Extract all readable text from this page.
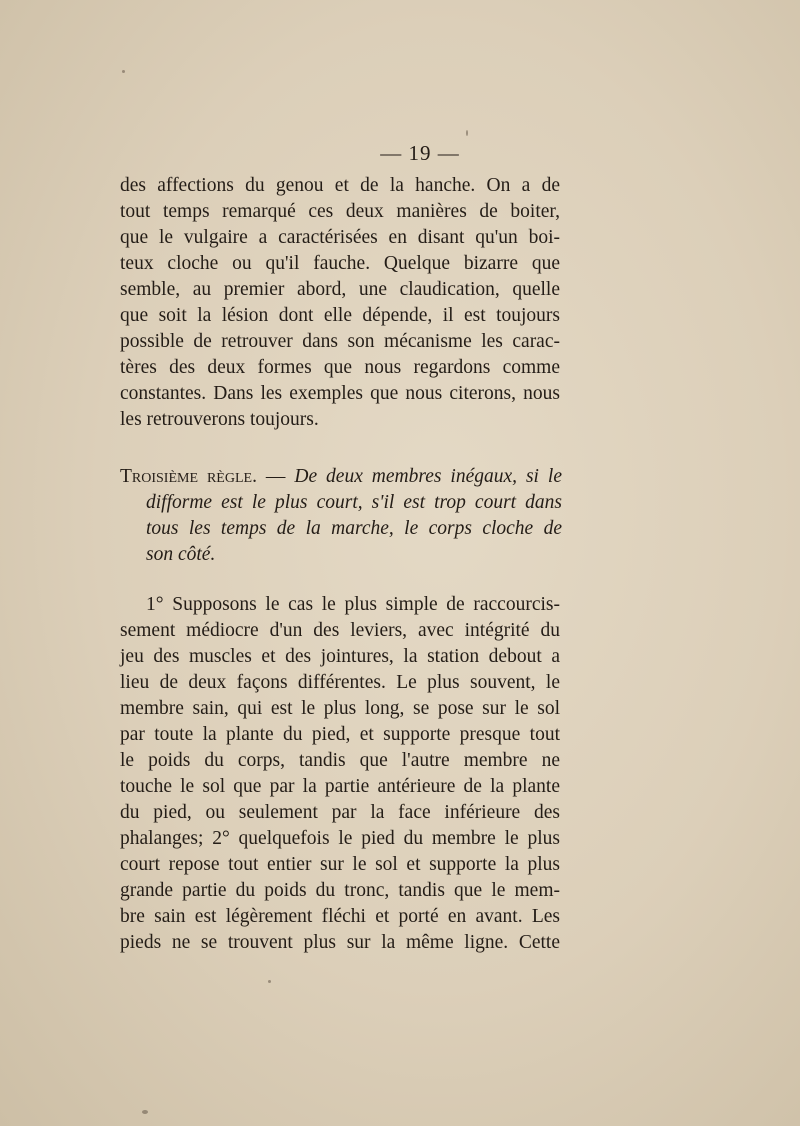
— 19 —
des affections du genou et de la hanche. On a de
tout temps remarqué ces deux manières de boiter,
que le vulgaire a caractérisées en disant qu'un boi-
teux cloche ou qu'il fauche. Quelque bizarre que
semble, au premier abord, une claudication, quelle
que soit la lésion dont elle dépende, il est toujours
possible de retrouver dans son mécanisme les carac-
tères des deux formes que nous regardons comme
constantes. Dans les exemples que nous citerons, nous
les retrouverons toujours.
Troisième règle. — De deux membres inégaux, si le
difforme est le plus court, s'il est trop court dans
tous les temps de la marche, le corps cloche de
son côté.
1° Supposons le cas le plus simple de raccourcis-
sement médiocre d'un des leviers, avec intégrité du
jeu des muscles et des jointures, la station debout a
lieu de deux façons différentes. Le plus souvent, le
membre sain, qui est le plus long, se pose sur le sol
par toute la plante du pied, et supporte presque tout
le poids du corps, tandis que l'autre membre ne
touche le sol que par la partie antérieure de la plante
du pied, ou seulement par la face inférieure des
phalanges; 2° quelquefois le pied du membre le plus
court repose tout entier sur le sol et supporte la plus
grande partie du poids du tronc, tandis que le mem-
bre sain est légèrement fléchi et porté en avant. Les
pieds ne se trouvent plus sur la même ligne. Cette
